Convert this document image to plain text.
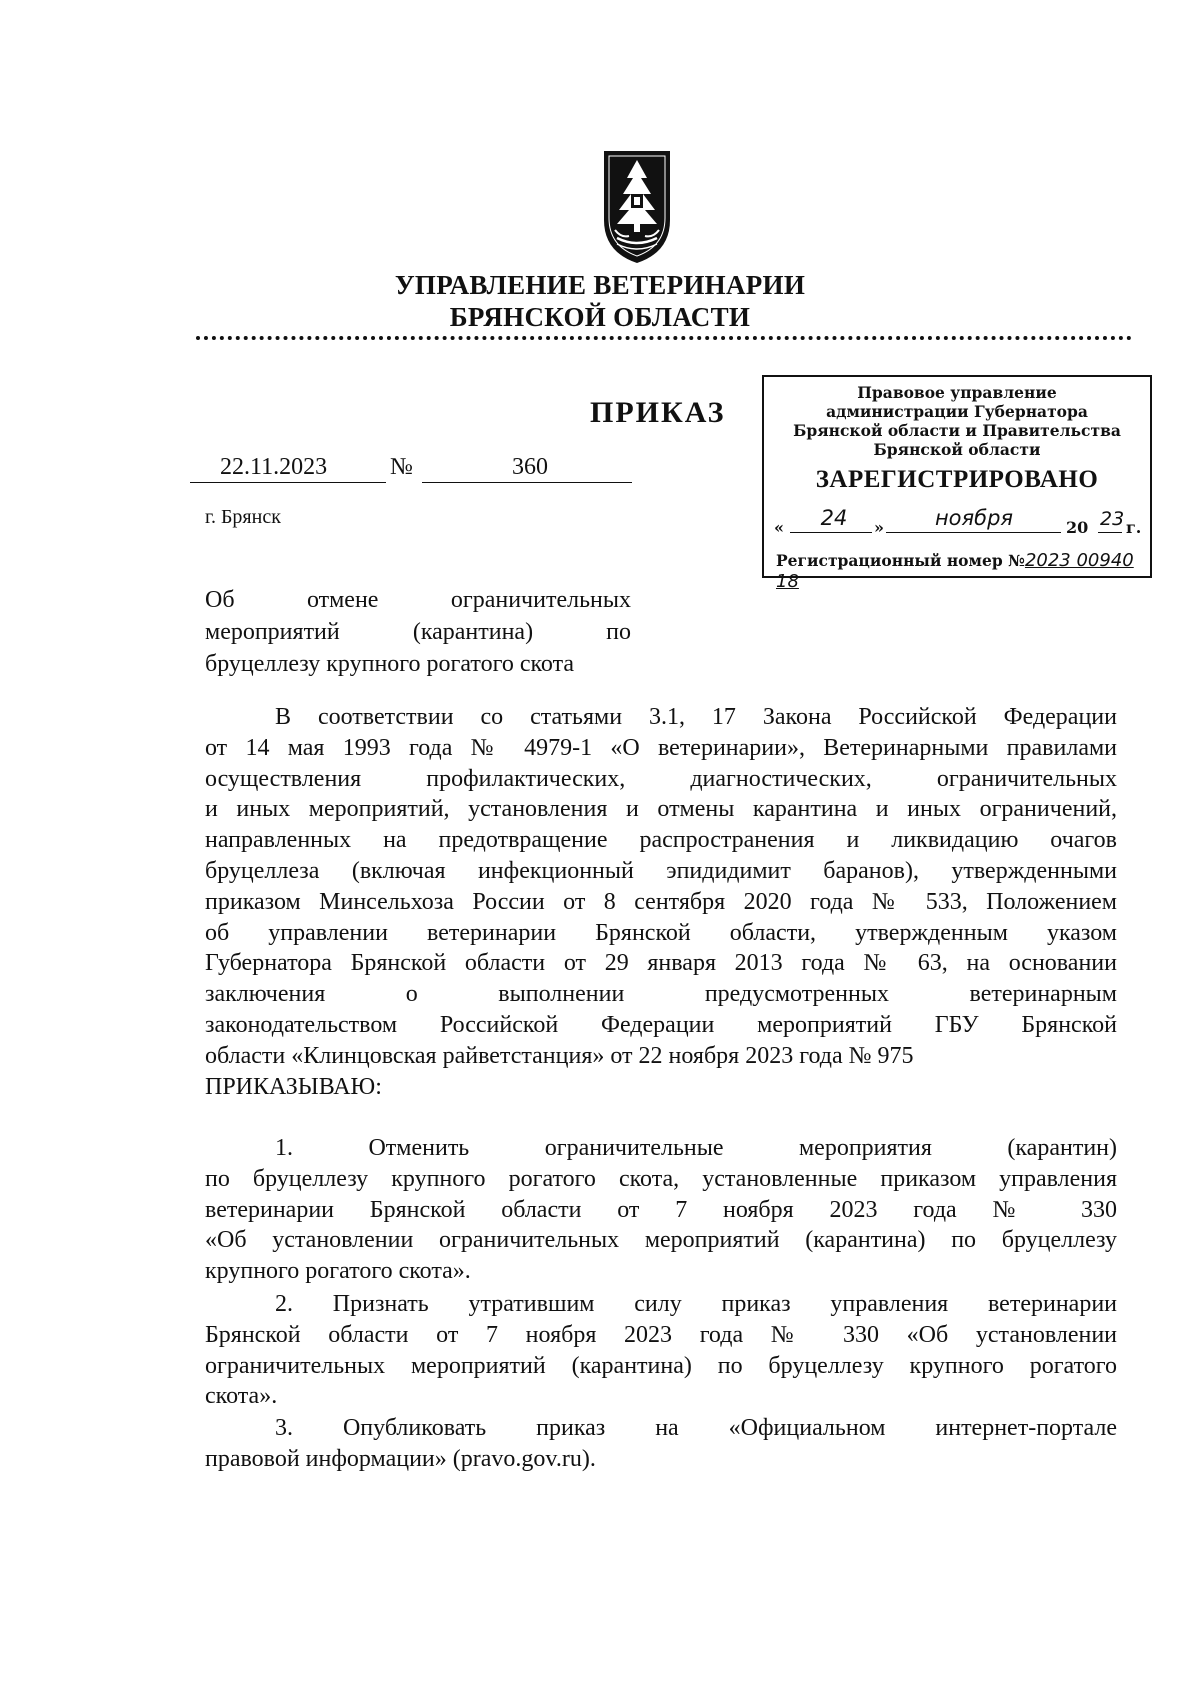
УПРАВЛЕНИЕ ВЕТЕРИНАРИИ
БРЯНСКОЙ ОБЛАСТИ
ПРИКАЗ
22.11.2023	№	360
г. Брянск
Правовое управление
администрации Губернатора
Брянской области и Правительства
Брянской области
ЗАРЕГИСТРИРОВАНО
«	24	»	ноября	20 23 г.
Регистрационный номер №2023 00940 18
Об отмене ограничительных
мероприятий (карантина) по
бруцеллезу крупного рогатого скота
В соответствии со статьями 3.1, 17 Закона Российской Федерации
от 14 мая 1993 года № 4979-1 «О ветеринарии», Ветеринарными правилами
осуществления профилактических, диагностических, ограничительных
и иных мероприятий, установления и отмены карантина и иных ограничений,
направленных на предотвращение распространения и ликвидацию очагов
бруцеллеза (включая инфекционный эпидидимит баранов), утвержденными
приказом Минсельхоза России от 8 сентября 2020 года № 533, Положением
об управлении ветеринарии Брянской области, утвержденным указом
Губернатора Брянской области от 29 января 2013 года № 63, на основании
заключения о выполнении предусмотренных ветеринарным
законодательством Российской Федерации мероприятий ГБУ Брянской
области «Клинцовская райветстанция» от 22 ноября 2023 года № 975
ПРИКАЗЫВАЮ:
1. Отменить ограничительные мероприятия (карантин)
по бруцеллезу крупного рогатого скота, установленные приказом управления
ветеринарии Брянской области от 7 ноября 2023 года № 330
«Об установлении ограничительных мероприятий (карантина) по бруцеллезу
крупного рогатого скота».
2. Признать утратившим силу приказ управления ветеринарии
Брянской области от 7 ноября 2023 года № 330 «Об установлении
ограничительных мероприятий (карантина) по бруцеллезу крупного рогатого
скота».
3. Опубликовать приказ на «Официальном интернет-портале
правовой информации» (pravo.gov.ru).
